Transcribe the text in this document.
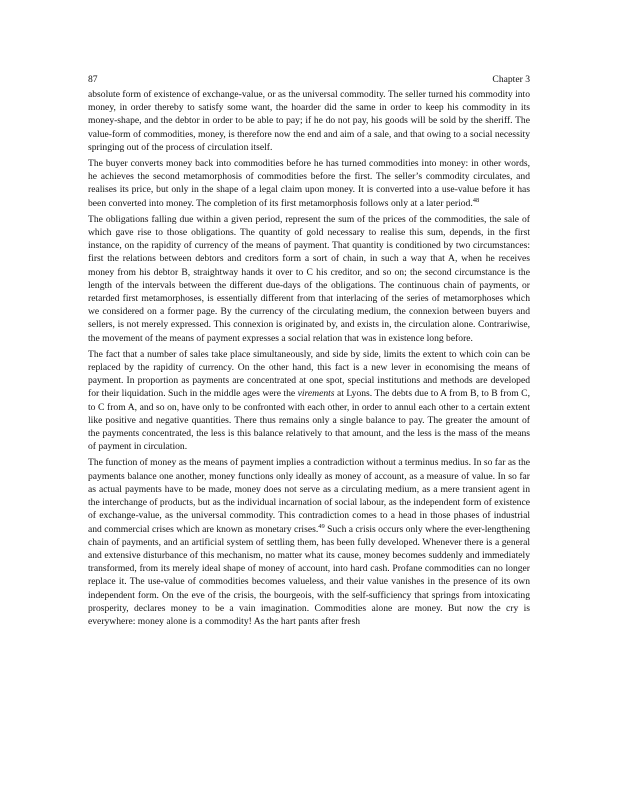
87	Chapter 3

absolute form of existence of exchange-value, or as the universal commodity. The seller turned his commodity into money, in order thereby to satisfy some want, the hoarder did the same in order to keep his commodity in its money-shape, and the debtor in order to be able to pay; if he do not pay, his goods will be sold by the sheriff. The value-form of commodities, money, is therefore now the end and aim of a sale, and that owing to a social necessity springing out of the process of circulation itself.

The buyer converts money back into commodities before he has turned commodities into money: in other words, he achieves the second metamorphosis of commodities before the first. The seller’s commodity circulates, and realises its price, but only in the shape of a legal claim upon money. It is converted into a use-value before it has been converted into money. The completion of its first metamorphosis follows only at a later period.$^{48}$

The obligations falling due within a given period, represent the sum of the prices of the commodities, the sale of which gave rise to those obligations. The quantity of gold necessary to realise this sum, depends, in the first instance, on the rapidity of currency of the means of payment. That quantity is conditioned by two circumstances: first the relations between debtors and creditors form a sort of chain, in such a way that A, when he receives money from his debtor B, straightway hands it over to C his creditor, and so on; the second circumstance is the length of the intervals between the different due-days of the obligations. The continuous chain of payments, or retarded first metamorphoses, is essentially different from that interlacing of the series of metamorphoses which we considered on a former page. By the currency of the circulating medium, the connexion between buyers and sellers, is not merely expressed. This connexion is originated by, and exists in, the circulation alone. Contrariwise, the movement of the means of payment expresses a social relation that was in existence long before.

The fact that a number of sales take place simultaneously, and side by side, limits the extent to which coin can be replaced by the rapidity of currency. On the other hand, this fact is a new lever in economising the means of payment. In proportion as payments are concentrated at one spot, special institutions and methods are developed for their liquidation. Such in the middle ages were the virements at Lyons. The debts due to A from B, to B from C, to C from A, and so on, have only to be confronted with each other, in order to annul each other to a certain extent like positive and negative quantities. There thus remains only a single balance to pay. The greater the amount of the payments concentrated, the less is this balance relatively to that amount, and the less is the mass of the means of payment in circulation.

The function of money as the means of payment implies a contradiction without a terminus medius. In so far as the payments balance one another, money functions only ideally as money of account, as a measure of value. In so far as actual payments have to be made, money does not serve as a circulating medium, as a mere transient agent in the interchange of products, but as the individual incarnation of social labour, as the independent form of existence of exchange-value, as the universal commodity. This contradiction comes to a head in those phases of industrial and commercial crises which are known as monetary crises.$^{49}$ Such a crisis occurs only where the ever-lengthening chain of payments, and an artificial system of settling them, has been fully developed. Whenever there is a general and extensive disturbance of this mechanism, no matter what its cause, money becomes suddenly and immediately transformed, from its merely ideal shape of money of account, into hard cash. Profane commodities can no longer replace it. The use-value of commodities becomes valueless, and their value vanishes in the presence of its own independent form. On the eve of the crisis, the bourgeois, with the self-sufficiency that springs from intoxicating prosperity, declares money to be a vain imagination. Commodities alone are money. But now the cry is everywhere: money alone is a commodity! As the hart pants after fresh
